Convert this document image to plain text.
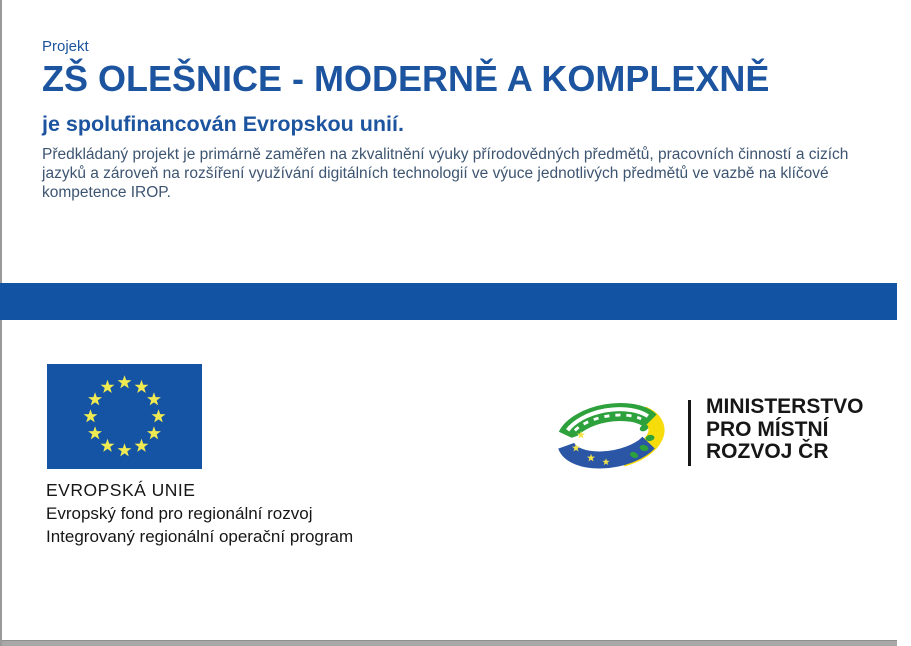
Projekt
ZŠ OLEŠNICE - MODERNĚ A KOMPLEXNĚ
je spolufinancován Evropskou unií.
Předkládaný projekt je primárně zaměřen na zkvalitnění výuky přírodovědných předmětů, pracovních činností a cizích jazyků a zároveň na rozšíření využívání digitálních technologií ve výuce jednotlivých předmětů ve vazbě na klíčové kompetence IROP.
EVROPSKÁ UNIE
Evropský fond pro regionální rozvoj
Integrovaný regionální operační program
MINISTERSTVO
PRO MÍSTNÍ
ROZVOJ ČR
